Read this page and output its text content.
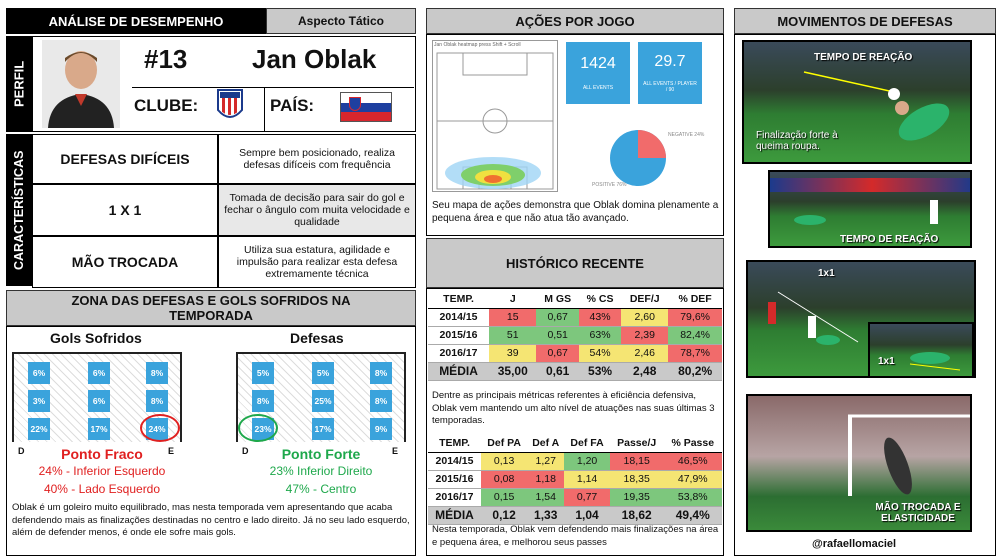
ANÁLISE DE DESEMPENHO	Aspecto Tático
PERFIL
#13 Jan Oblak
CLUBE:	PAÍS:
CARACTERÍSTICAS	DEFESAS DIFÍCEIS	Sempre bem posicionado, realiza defesas difíceis com frequência
1 X 1
Tomada de decisão para sair do gol e fechar o ângulo com muita velocidade e qualidade
MÃO TROCADA
Utiliza sua estatura, agilidade e impulsão para realizar esta defesa extremamente técnica
ZONA DAS DEFESAS E GOLS SOFRIDOS NA TEMPORADA
Gols Sofridos	Defesas
6%	6%	8%
3%	6%	8%
22%	17%	24%
D	E
Ponto Fraco
24% - Inferior Esquerdo
40% - Lado Esquerdo
5%	5%	8%
8%	25%	8%
23%	17%	9%
D	E
Ponto Forte
23% Inferior Direito
47% - Centro
Oblak é um goleiro muito equilibrado, mas nesta temporada vem apresentando que acaba defendendo mais as finalizações destinadas no centro e lado direito. Já no seu lado esquerdo, além de defender menos, é onde ele sofre mais gols.
AÇÕES POR JOGO
Jan Oblak heatmap press Shift + Scroll
1424
ALL EVENTS
29.7
ALL EVENTS / PLAYER / 90
NEGATIVE 24%
POSITIVE 76%
Seu mapa de ações demonstra que Oblak domina plenamente a pequena área e que não atua tão avançado.
HISTÓRICO RECENTE
TEMP.	J	M GS	% CS	DEF/J	% DEF
2014/15	15	0,67	43%	2,60	79,6%
2015/16	51	0,51	63%	2,39	82,4%
2016/17	39	0,67	54%	2,46	78,7%
MÉDIA	35,00	0,61	53%	2,48	80,2%
Dentre as principais métricas referentes à eficiência defensiva, Oblak vem mantendo um alto nível de atuações nas suas últimas 3 temporadas.
TEMP.	Def PA	Def A	Def FA	Passe/J	% Passe
2014/15	0,13	1,27	1,20	18,15	46,5%
2015/16	0,08	1,18	1,14	18,35	47,9%
2016/17	0,15	1,54	0,77	19,35	53,8%
MÉDIA	0,12	1,33	1,04	18,62	49,4%
Nesta temporada, Oblak vem defendendo mais finalizações na área e pequena área, e melhorou seus passes
MOVIMENTOS DE DEFESAS
TEMPO DE REAÇÃO
Finalização forte à queima roupa.
TEMPO DE REAÇÃO
1x1
1x1
MÃO TROCADA E ELASTICIDADE
@rafaellomaciel
